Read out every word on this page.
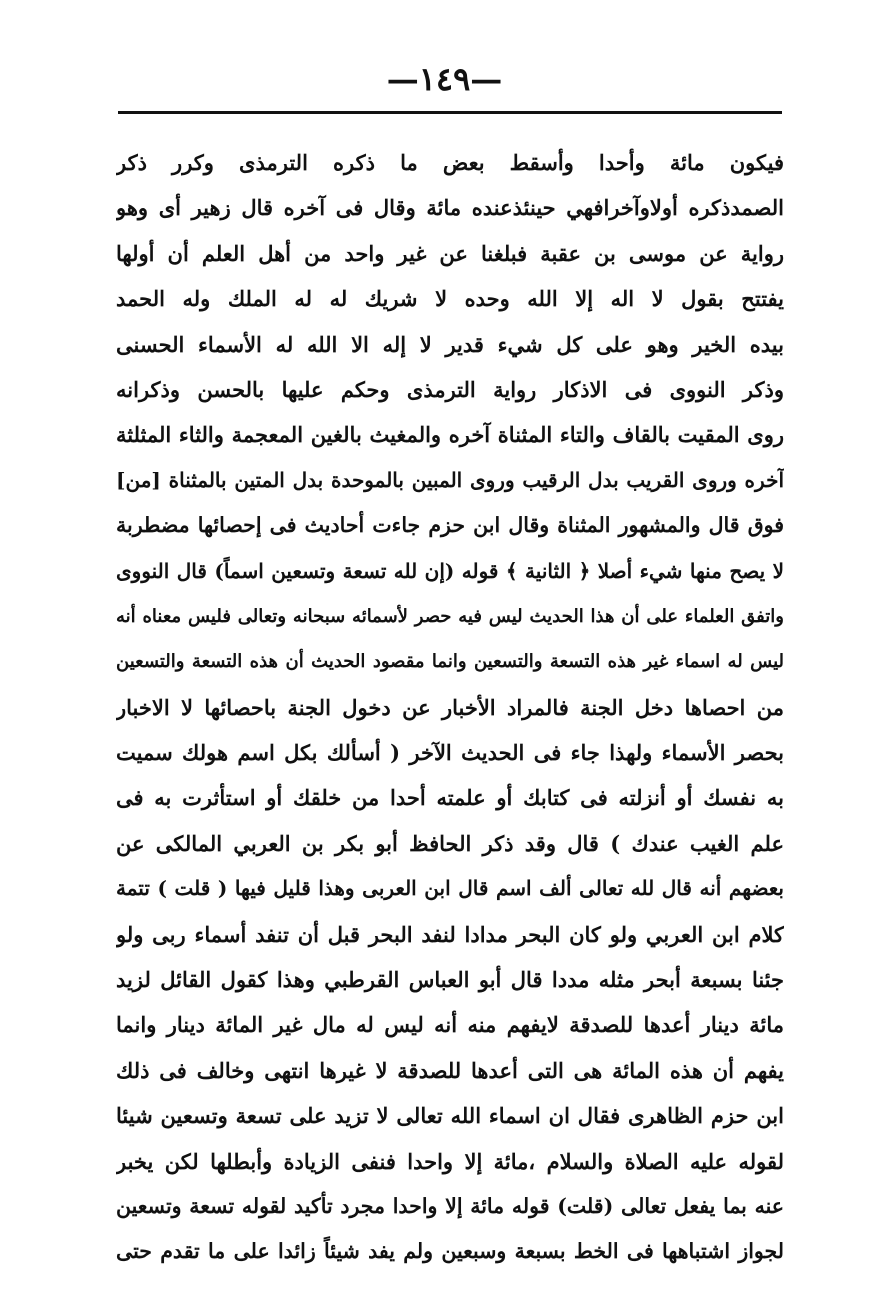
—١٤٩—
فيكون مائة وأحدا وأسقط بعض ما ذكره الترمذى وكرر ذكر
الصمدذكره أولاوآخرافهي حينئذعنده مائة وقال فى آخره قال زهير أى وهو
رواية عن موسى بن عقبة فبلغنا عن غير واحد من أهل العلم أن أولها
يفتتح بقول لا اله إلا الله وحده لا شريك له له الملك وله الحمد
بيده الخير وهو على كل شيء قدير لا إله الا الله له الأسماء الحسنى
وذكر النووى فى الاذكار رواية الترمذى وحكم عليها بالحسن وذكرانه
روى المقيت بالقاف والتاء المثناة آخره والمغيث بالغين المعجمة والثاء المثلثة
آخره وروى القريب بدل الرقيب وروى المبين بالموحدة بدل المتين بالمثناة [من]
فوق قال والمشهور المثناة وقال ابن حزم جاءت أحاديث فى إحصائها مضطربة
لا يصح منها شيء أصلا ﴿ الثانية ﴾ قوله (إن لله تسعة وتسعين اسماً) قال النووى
واتفق العلماء على أن هذا الحديث ليس فيه حصر لأسمائه سبحانه وتعالى فليس معناه أنه
ليس له اسماء غير هذه التسعة والتسعين وانما مقصود الحديث أن هذه التسعة والتسعين
من احصاها دخل الجنة فالمراد الأخبار عن دخول الجنة باحصائها لا الاخبار
بحصر الأسماء ولهذا جاء فى الحديث الآخر ( أسألك بكل اسم هولك سميت
به نفسك أو أنزلته فى كتابك أو علمته أحدا من خلقك أو استأثرت به فى
علم الغيب عندك ) قال وقد ذكر الحافظ أبو بكر بن العربي المالكى عن
بعضهم أنه قال لله تعالى ألف اسم قال ابن العربى وهذا قليل فيها ( قلت ) تتمة
كلام ابن العربي ولو كان البحر مدادا لنفد البحر قبل أن تنفد أسماء ربى ولو
جئنا بسبعة أبحر مثله مددا قال أبو العباس القرطبي وهذا كقول القائل لزيد
مائة دينار أعدها للصدقة لايفهم منه أنه ليس له مال غير المائة دينار وانما
يفهم أن هذه المائة هى التى أعدها للصدقة لا غيرها انتهى وخالف فى ذلك
ابن حزم الظاهرى فقال ان اسماء الله تعالى لا تزيد على تسعة وتسعين شيئا
لقوله عليه الصلاة والسلام ،مائة إلا واحدا فنفى الزيادة وأبطلها لكن يخبر
عنه بما يفعل تعالى (قلت) قوله مائة إلا واحدا مجرد تأكيد لقوله تسعة وتسعين
لجواز اشتباهها فى الخط بسبعة وسبعين ولم يفد شيئاً زائدا على ما تقدم حتى
